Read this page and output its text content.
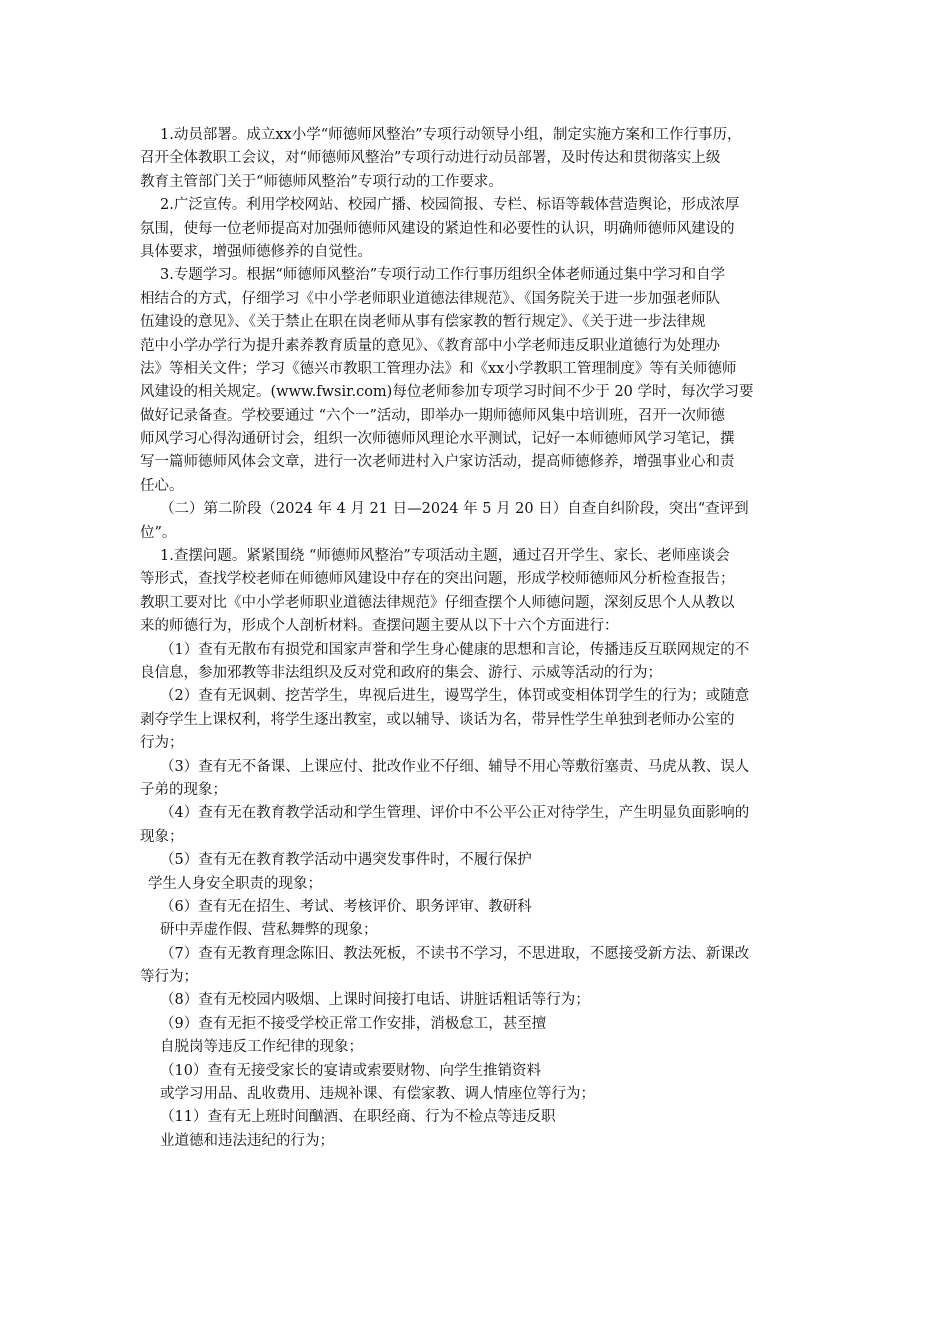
1.动员部署。成立xx小学“师德师风整治”专项行动领导小组，制定实施方案和工作行事历，
召开全体教职工会议，对“师德师风整治”专项行动进行动员部署，及时传达和贯彻落实上级
教育主管部门关于“师德师风整治”专项行动的工作要求。
2.广泛宣传。利用学校网站、校园广播、校园简报、专栏、标语等载体营造舆论，形成浓厚
氛围，使每一位老师提高对加强师德师风建设的紧迫性和必要性的认识，明确师德师风建设的
具体要求，增强师德修养的自觉性。
3.专题学习。根据“师德师风整治”专项行动工作行事历组织全体老师通过集中学习和自学
相结合的方式，仔细学习《中小学老师职业道德法律规范》、《国务院关于进一步加强老师队
伍建设的意见》、《关于禁止在职在岗老师从事有偿家教的暂行规定》、《关于进一步法律规
范中小学办学行为提升素养教育质量的意见》、《教育部中小学老师违反职业道德行为处理办
法》等相关文件；学习《德兴市教职工管理办法》和《xx小学教职工管理制度》等有关师德师
风建设的相关规定。(www.fwsir.com)每位老师参加专项学习时间不少于 20 学时，每次学习要
做好记录备查。学校要通过 “六个一”活动，即举办一期师德师风集中培训班，召开一次师德
师风学习心得沟通研讨会，组织一次师德师风理论水平测试，记好一本师德师风学习笔记，撰
写一篇师德师风体会文章，进行一次老师进村入户家访活动，提高师德修养，增强事业心和责
任心。
（二）第二阶段（2024 年 4 月 21 日—2024 年 5 月 20 日）自查自纠阶段，突出“查评到
位”。
1.查摆问题。紧紧围绕 “师德师风整治”专项活动主题，通过召开学生、家长、老师座谈会
等形式，查找学校老师在师德师风建设中存在的突出问题，形成学校师德师风分析检查报告；
教职工要对比《中小学老师职业道德法律规范》仔细查摆个人师德问题，深刻反思个人从教以
来的师德行为，形成个人剖析材料。查摆问题主要从以下十六个方面进行：
（1）查有无散布有损党和国家声誉和学生身心健康的思想和言论，传播违反互联网规定的不
良信息，参加邪教等非法组织及反对党和政府的集会、游行、示威等活动的行为；
（2）查有无讽刺、挖苦学生，卑视后进生，谩骂学生，体罚或变相体罚学生的行为；或随意
剥夺学生上课权利，将学生逐出教室，或以辅导、谈话为名，带异性学生单独到老师办公室的
行为；
（3）查有无不备课、上课应付、批改作业不仔细、辅导不用心等敷衍塞责、马虎从教、误人
子弟的现象；
（4）查有无在教育教学活动和学生管理、评价中不公平公正对待学生，产生明显负面影响的
现象；
（5）查有无在教育教学活动中遇突发事件时，不履行保护
学生人身安全职责的现象；
（6）查有无在招生、考试、考核评价、职务评审、教研科
研中弄虚作假、营私舞弊的现象；
（7）查有无教育理念陈旧、教法死板，不读书不学习，不思进取，不愿接受新方法、新课改
等行为；
（8）查有无校园内吸烟、上课时间接打电话、讲脏话粗话等行为；
（9）查有无拒不接受学校正常工作安排，消极怠工，甚至擅
自脱岗等违反工作纪律的现象；
（10）查有无接受家长的宴请或索要财物、向学生推销资料
或学习用品、乱收费用、违规补课、有偿家教、调人情座位等行为；
（11）查有无上班时间酗酒、在职经商、行为不检点等违反职
业道德和违法违纪的行为；
